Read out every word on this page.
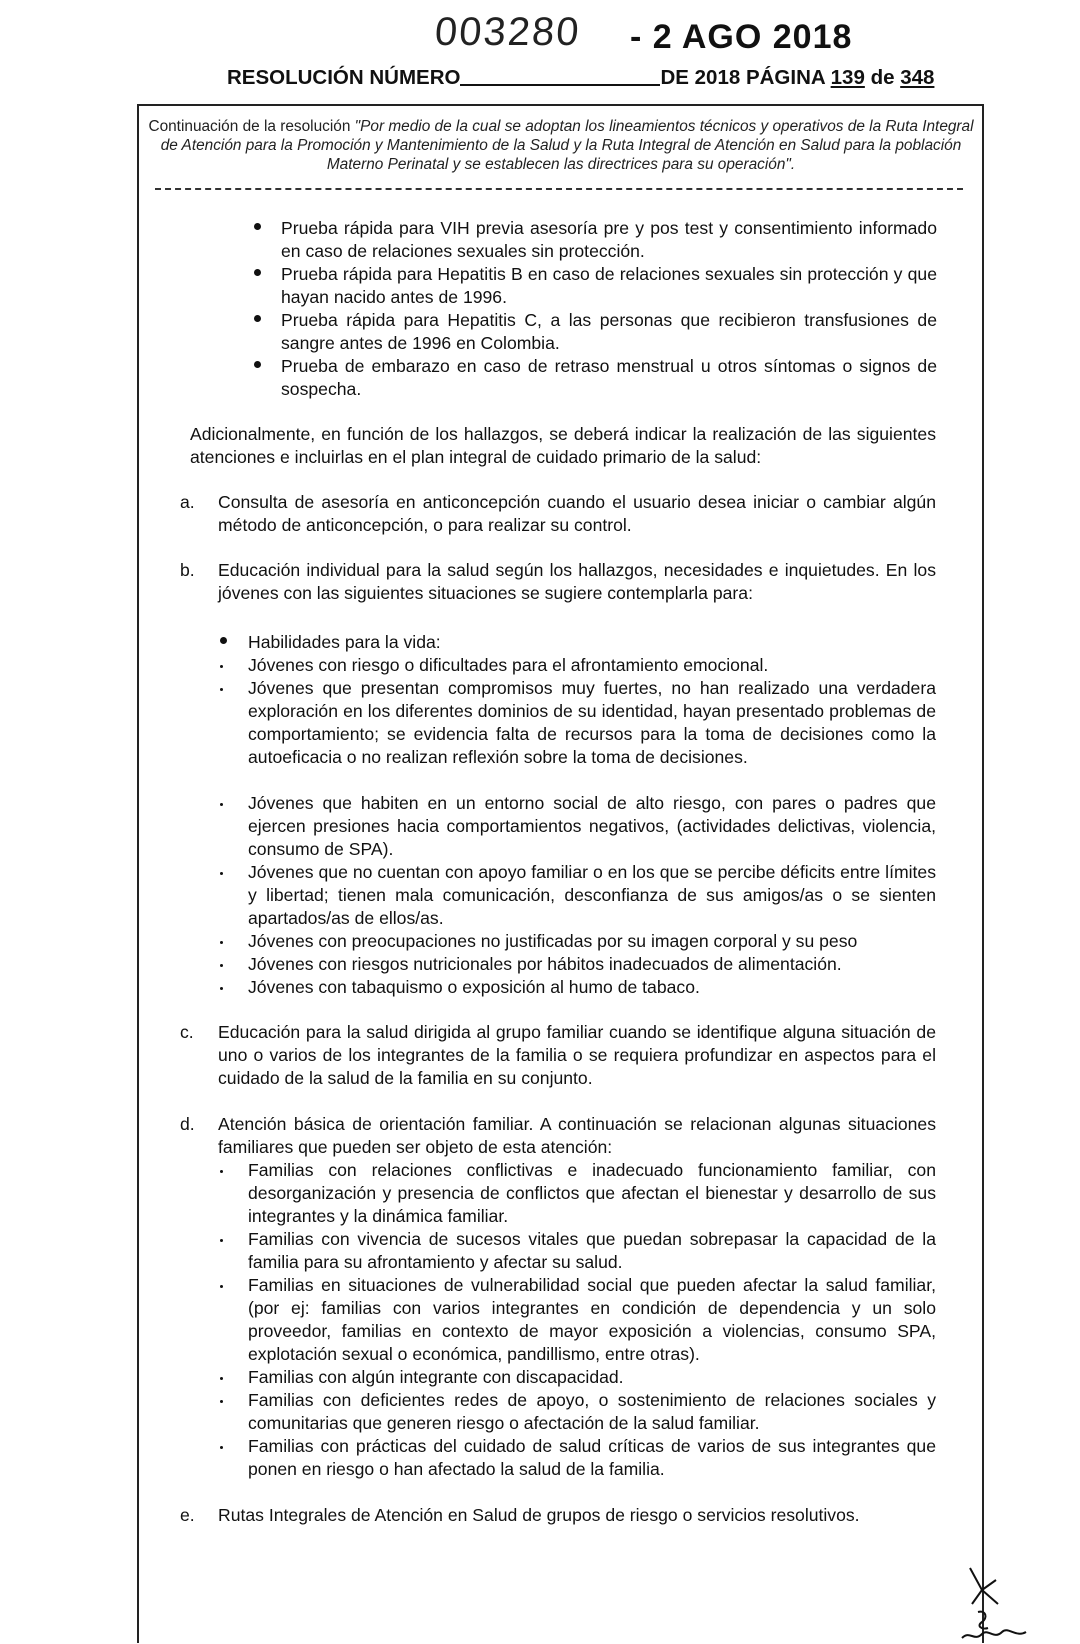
003280 - 2 AGO 2018
RESOLUCIÓN NÚMERO	DE 2018 PÁGINA 139 de 348
Continuación de la resolución "Por medio de la cual se adoptan los lineamientos técnicos y operativos de la Ruta Integral de Atención para la Promoción y Mantenimiento de la Salud y la Ruta Integral de Atención en Salud para la población Materno Perinatal y se establecen las directrices para su operación".
Prueba rápida para VIH previa asesoría pre y pos test y consentimiento informado en caso de relaciones sexuales sin protección.
Prueba rápida para Hepatitis B en caso de relaciones sexuales sin protección y que hayan nacido antes de 1996.
Prueba rápida para Hepatitis C, a las personas que recibieron transfusiones de sangre antes de 1996 en Colombia.
Prueba de embarazo en caso de retraso menstrual u otros síntomas o signos de sospecha.
Adicionalmente, en función de los hallazgos, se deberá indicar la realización de las siguientes atenciones e incluirlas en el plan integral de cuidado primario de la salud:
a. Consulta de asesoría en anticoncepción cuando el usuario desea iniciar o cambiar algún método de anticoncepción, o para realizar su control.
b. Educación individual para la salud según los hallazgos, necesidades e inquietudes. En los jóvenes con las siguientes situaciones se sugiere contemplarla para:
Habilidades para la vida:
Jóvenes con riesgo o dificultades para el afrontamiento emocional.
Jóvenes que presentan compromisos muy fuertes, no han realizado una verdadera exploración en los diferentes dominios de su identidad, hayan presentado problemas de comportamiento; se evidencia falta de recursos para la toma de decisiones como la autoeficacia o no realizan reflexión sobre la toma de decisiones.
Jóvenes que habiten en un entorno social de alto riesgo, con pares o padres que ejercen presiones hacia comportamientos negativos, (actividades delictivas, violencia, consumo de SPA).
Jóvenes que no cuentan con apoyo familiar o en los que se percibe déficits entre límites y libertad; tienen mala comunicación, desconfianza de sus amigos/as o se sienten apartados/as de ellos/as.
Jóvenes con preocupaciones no justificadas por su imagen corporal y su peso
Jóvenes con riesgos nutricionales por hábitos inadecuados de alimentación.
Jóvenes con tabaquismo o exposición al humo de tabaco.
c. Educación para la salud dirigida al grupo familiar cuando se identifique alguna situación de uno o varios de los integrantes de la familia o se requiera profundizar en aspectos para el cuidado de la salud de la familia en su conjunto.
d. Atención básica de orientación familiar. A continuación se relacionan algunas situaciones familiares que pueden ser objeto de esta atención:
Familias con relaciones conflictivas e inadecuado funcionamiento familiar, con desorganización y presencia de conflictos que afectan el bienestar y desarrollo de sus integrantes y la dinámica familiar.
Familias con vivencia de sucesos vitales que puedan sobrepasar la capacidad de la familia para su afrontamiento y afectar su salud.
Familias en situaciones de vulnerabilidad social que pueden afectar la salud familiar, (por ej: familias con varios integrantes en condición de dependencia y un solo proveedor, familias en contexto de mayor exposición a violencias, consumo SPA, explotación sexual o económica, pandillismo, entre otras).
Familias con algún integrante con discapacidad.
Familias con deficientes redes de apoyo, o sostenimiento de relaciones sociales y comunitarias que generen riesgo o afectación de la salud familiar.
Familias con prácticas del cuidado de salud críticas de varios de sus integrantes que ponen en riesgo o han afectado la salud de la familia.
e. Rutas Integrales de Atención en Salud de grupos de riesgo o servicios resolutivos.
